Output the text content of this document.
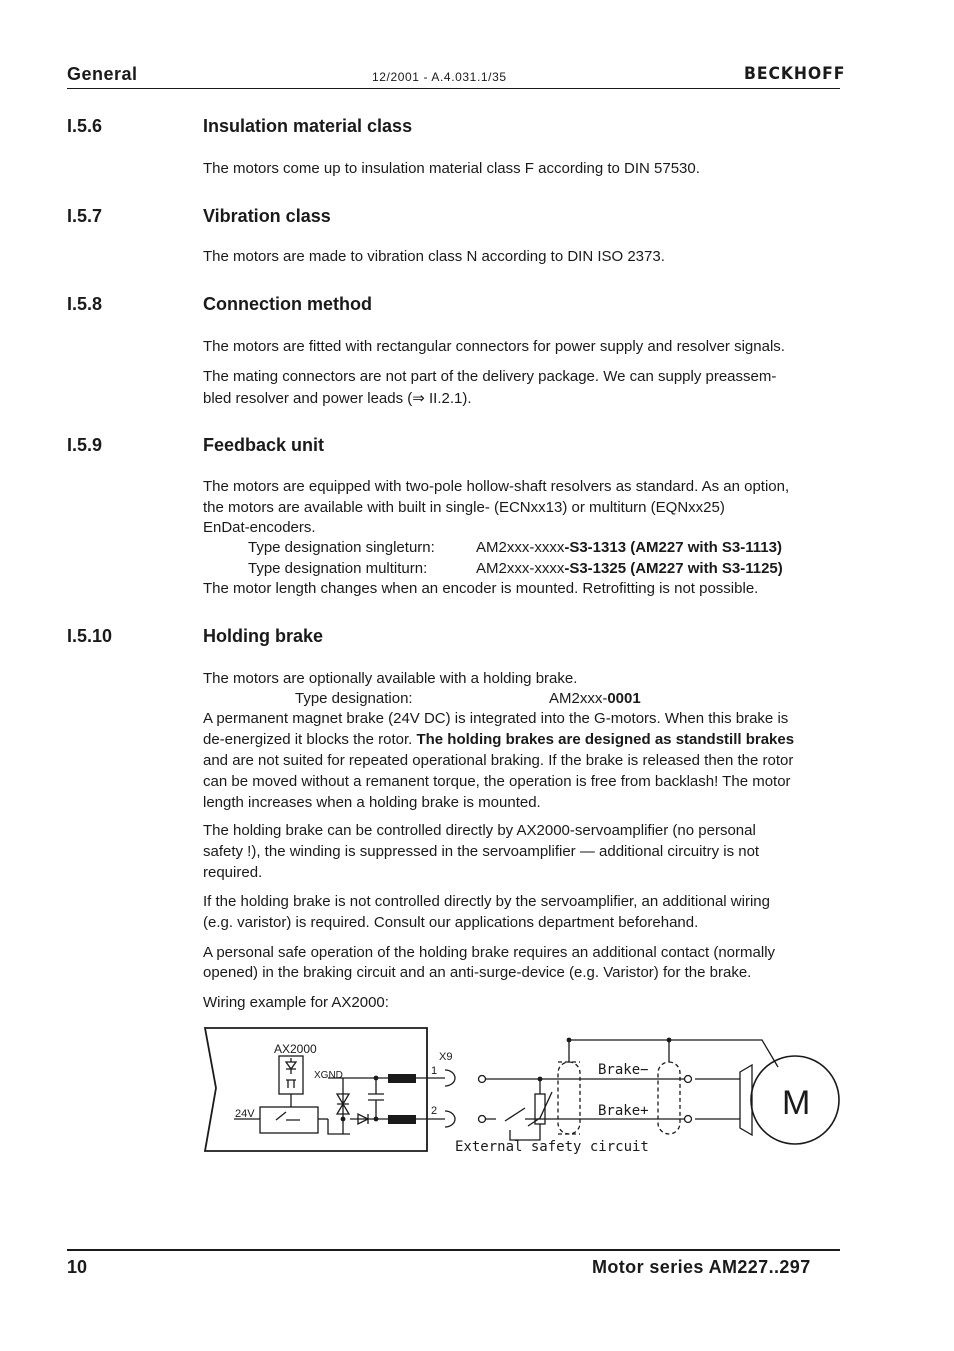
General	12/2001 - A.4.031.1/35	BECKHOFF
I.5.6	Insulation material class
The motors come up to insulation material class F according to DIN 57530.
I.5.7	Vibration class
The motors are made to vibration class N according to DIN ISO 2373.
I.5.8	Connection method
The motors are fitted with rectangular connectors for power supply and resolver signals.
The mating connectors are not part of the delivery package. We can supply preassem-
bled resolver and power leads (⇒ II.2.1).
I.5.9	Feedback unit
The motors are equipped with two-pole hollow-shaft resolvers as standard. As an option,
the motors are available with built in single- (ECNxx13) or multiturn (EQNxx25)
EnDat-encoders.
Type designation singleturn:	AM2xxx-xxxx-S3-1313 (AM227 with S3-1113)
Type designation multiturn:	AM2xxx-xxxx-S3-1325 (AM227 with S3-1125)
The motor length changes when an encoder is mounted. Retrofitting is not possible.
I.5.10	Holding brake
The motors are optionally available with a holding brake.
Type designation:	AM2xxx-0001
A permanent magnet brake (24V DC) is integrated into the G-motors. When this brake is
de-energized it blocks the rotor. The holding brakes are designed as standstill brakes
and are not suited for repeated operational braking. If the brake is released then the rotor
can be moved without a remanent torque, the operation is free from backlash! The motor
length increases when a holding brake is mounted.
The holding brake can be controlled directly by AX2000-servoamplifier (no personal
safety !), the winding is suppressed in the servoamplifier — additional circuitry is not
required.
If the holding brake is not controlled directly by the servoamplifier, an additional wiring
(e.g. varistor) is required. Consult our applications department beforehand.
A personal safe operation of the holding brake requires an additional contact (normally
opened) in the braking circuit and an anti-surge-device (e.g. Varistor) for the brake.
Wiring example for AX2000:
AX2000
XGND
24V
X9
1
2
Brake−
Brake+
External safety circuit
M
10	Motor series AM227..297
